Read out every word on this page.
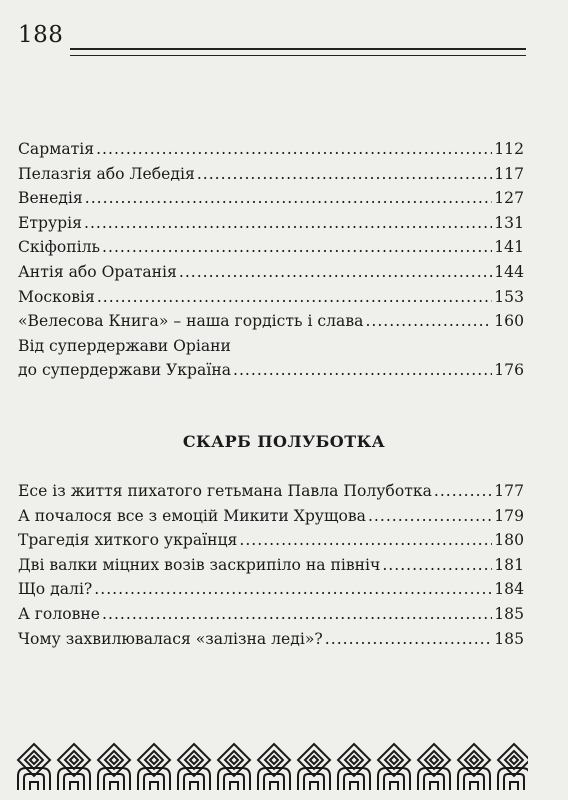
188
Сарматія .....	112
Пелазгія або Лебедія .....	117
Венедія .....	127
Етрурія .....	131
Скіфопіль .....	141
Антія або Оратанія .....	144
Московія .....	153
«Велесова Книга» – наша гордість і слава .....	160
Від супердержави Оріани
до супердержави Україна .....	176
СКАРБ ПОЛУБОТКА
Есе із життя пихатого гетьмана Павла Полуботка .....	177
А почалося все з емоцій Микити Хрущова .....	179
Трагедія хиткого українця .....	180
Дві валки міцних возів заскрипіло на північ .....	181
Що далі? .....	184
А головне .....	185
Чому захвилювалася «залізна леді»? .....	185
